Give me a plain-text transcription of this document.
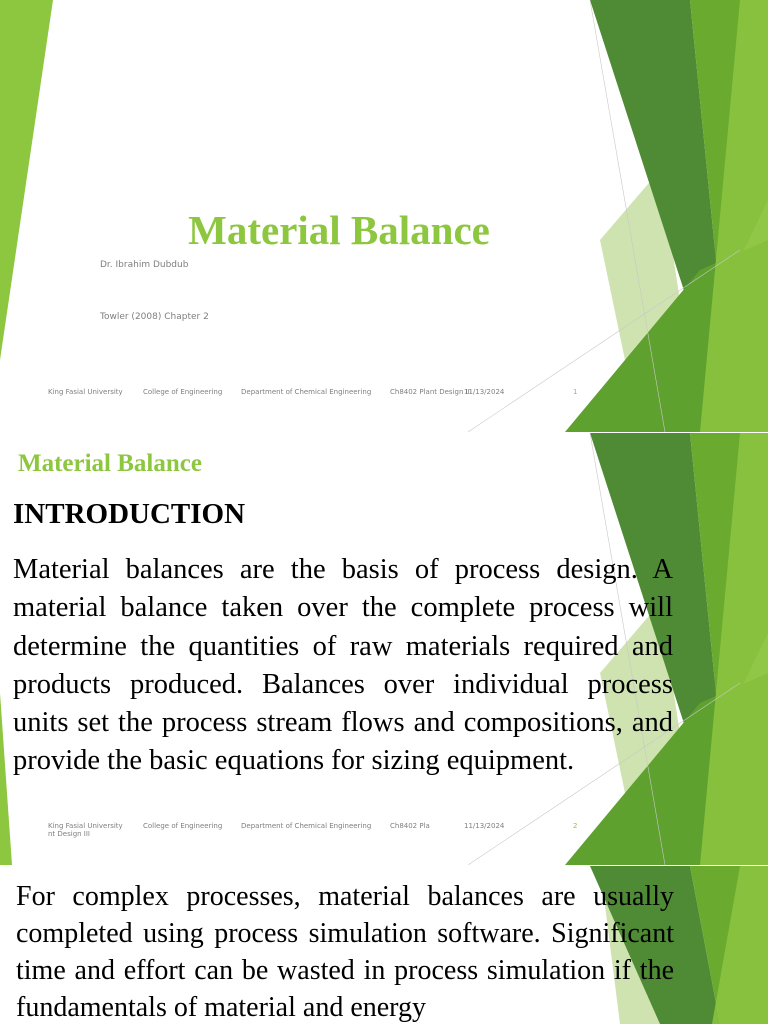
Material Balance
Dr. Ibrahim Dubdub
Towler (2008) Chapter 2
King Fasial University	College of Engineering	Department of Chemical Engineering	Ch8402 Plant Design III
11/13/2024	1
Material Balance
INTRODUCTION

Material balances are the basis of process design. A material balance taken over the complete process will determine the quantities of raw materials required and products produced. Balances over individual process units set the process stream flows and compositions, and provide the basic equations for sizing equipment.

King Fasial University
nt Design III
College of Engineering	Department of Chemical Engineering	Ch8402 Pla	11/13/2024	2

For complex processes, material balances are usually completed using process simulation software. Significant time and effort can be wasted in process simulation if the fundamentals of material and energy
